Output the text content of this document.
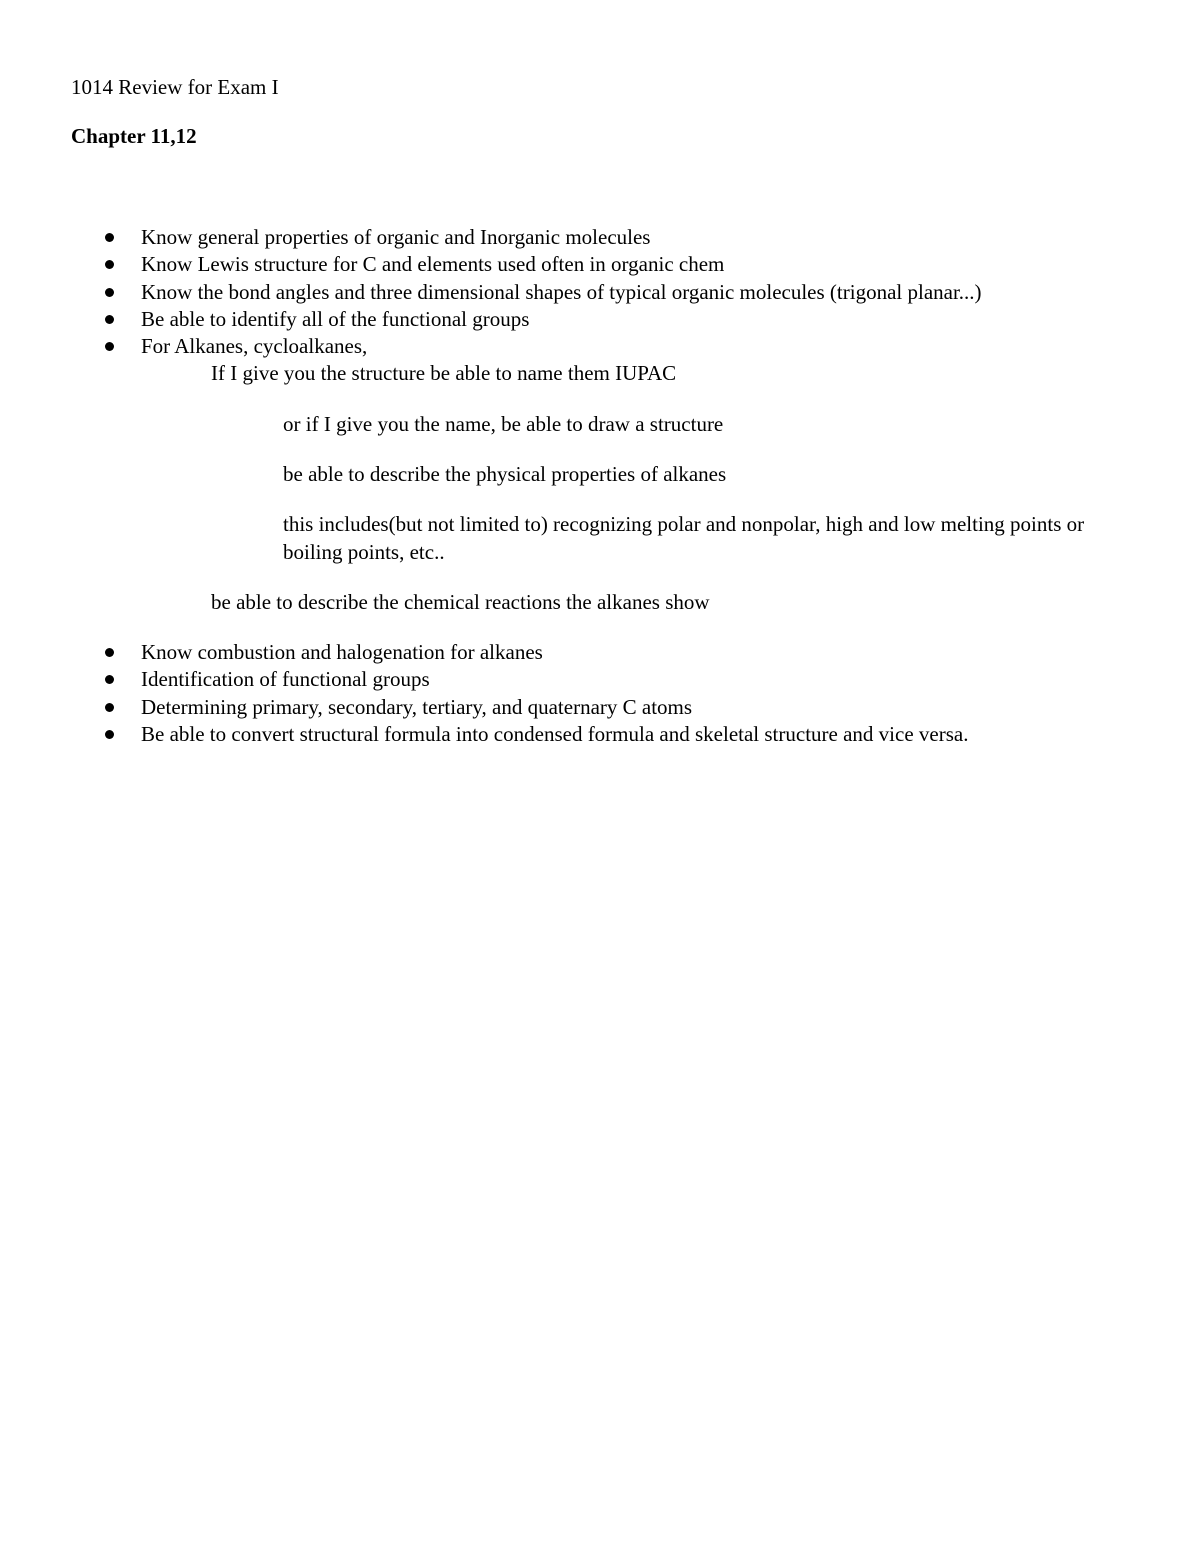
1014 Review for Exam I
Chapter 11,12
Know general properties of organic and Inorganic molecules
Know Lewis structure for C and elements used often in organic chem
Know the bond angles and three dimensional shapes of typical organic molecules (trigonal planar...)
Be able to identify all of the functional groups
For Alkanes, cycloalkanes,
If I give you the structure be able to name them IUPAC
or if I give you the name, be able to draw a structure
be able to describe the physical properties of alkanes
this includes(but not limited to) recognizing polar and nonpolar, high and low melting points or boiling points, etc..
be able to describe the chemical reactions the alkanes show
Know combustion and halogenation for alkanes
Identification of functional groups
Determining primary, secondary, tertiary, and quaternary C atoms
Be able to convert structural formula into condensed formula and skeletal structure and vice versa.
